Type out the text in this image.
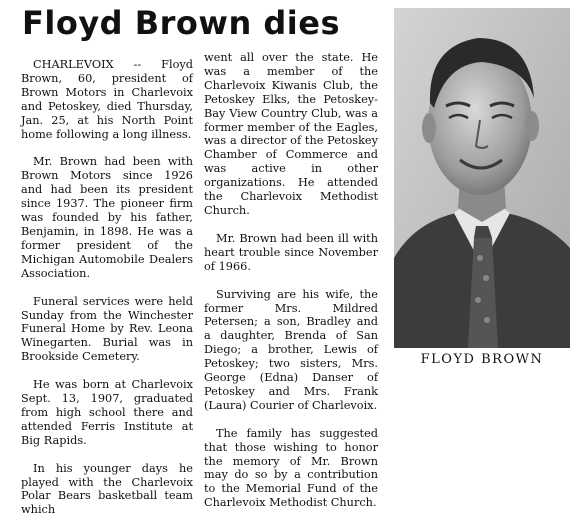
Floyd Brown dies

CHARLEVOIX -- Floyd Brown, 60, president of Brown Motors in Charlevoix and Petoskey, died Thursday, Jan. 25, at his North Point home following a long illness.

Mr. Brown had been with Brown Motors since 1926 and had been its president since 1937. The pioneer firm was founded by his father, Benjamin, in 1898. He was a former president of the Michigan Automobile Dealers Association.

Funeral services were held Sunday from the Winchester Funeral Home by Rev. Leona Winegarten. Burial was in Brookside Cemetery.

He was born at Charlevoix Sept. 13, 1907, graduated from high school there and attended Ferris Institute at Big Rapids.

In his younger days he played with the Charlevoix Polar Bears basketball team which

went all over the state. He was a member of the Charlevoix Kiwanis Club, the Petoskey Elks, the Petoskey-Bay View Country Club, was a former member of the Eagles, was a director of the Petoskey Chamber of Commerce and was active in other organizations. He attended the Charlevoix Methodist Church.

Mr. Brown had been ill with heart trouble since November of 1966.

Surviving are his wife, the former Mrs. Mildred Petersen; a son, Bradley and a daughter, Brenda of San Diego; a brother, Lewis of Petoskey; two sisters, Mrs. George (Edna) Danser of Petoskey and Mrs. Frank (Laura) Courier of Charlevoix.

The family has suggested that those wishing to honor the memory of Mr. Brown may do so by a contribution to the Memorial Fund of the Charlevoix Methodist Church.

FLOYD BROWN
